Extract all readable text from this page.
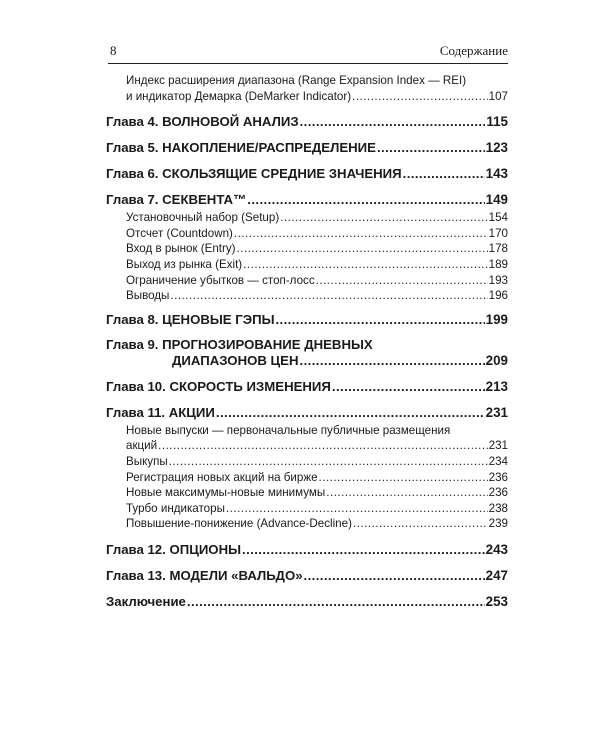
8	Содержание
Индекс расширения диапазона (Range Expansion Index — REI)
и индикатор Демарка (DeMarker Indicator) .....	107
Глава 4. ВОЛНОВОЙ АНАЛИЗ .....	115
Глава 5. НАКОПЛЕНИЕ/РАСПРЕДЕЛЕНИЕ .....	123
Глава 6. СКОЛЬЗЯЩИЕ СРЕДНИЕ ЗНАЧЕНИЯ .....	143
Глава 7. СЕКВЕНТА™ .....	149
Установочный набор (Setup) .....	154
Отсчет (Countdown) .....	170
Вход в рынок (Entry) .....	178
Выход из рынка (Exit) .....	189
Ограничение убытков — стоп-лосс .....	193
Выводы .....	196
Глава 8. ЦЕНОВЫЕ ГЭПЫ .....	199
Глава 9. ПРОГНОЗИРОВАНИЕ ДНЕВНЫХ
ДИАПАЗОНОВ ЦЕН .....	209
Глава 10. СКОРОСТЬ ИЗМЕНЕНИЯ .....	213
Глава 11. АКЦИИ .....	231
Новые выпуски — первоначальные публичные размещения
акций .....	231
Выкупы .....	234
Регистрация новых акций на бирже .....	236
Новые максимумы-новые минимумы .....	236
Турбо индикаторы .....	238
Повышение-понижение (Advance-Decline) .....	239
Глава 12. ОПЦИОНЫ .....	243
Глава 13. МОДЕЛИ «ВАЛЬДО» .....	247
Заключение .....	253
